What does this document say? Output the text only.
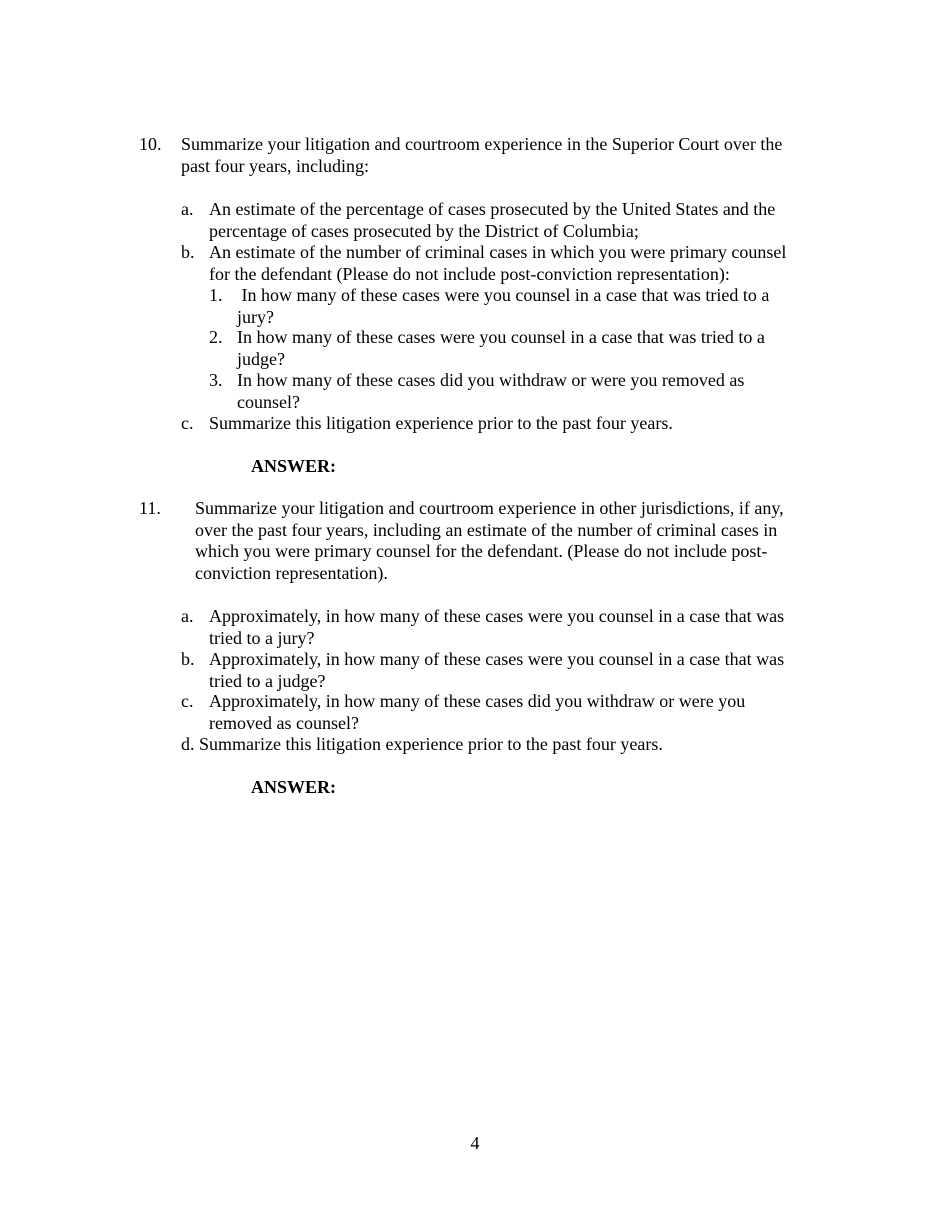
10. Summarize your litigation and courtroom experience in the Superior Court over the
past four years, including:
a. An estimate of the percentage of cases prosecuted by the United States and the
percentage of cases prosecuted by the District of Columbia;
b. An estimate of the number of criminal cases in which you were primary counsel
for the defendant (Please do not include post-conviction representation):
1. In how many of these cases were you counsel in a case that was tried to a
jury?
2. In how many of these cases were you counsel in a case that was tried to a
judge?
3. In how many of these cases did you withdraw or were you removed as
counsel?
c. Summarize this litigation experience prior to the past four years.
ANSWER:
11. Summarize your litigation and courtroom experience in other jurisdictions, if any,
over the past four years, including an estimate of the number of criminal cases in
which you were primary counsel for the defendant. (Please do not include post-
conviction representation).
a. Approximately, in how many of these cases were you counsel in a case that was
tried to a jury?
b. Approximately, in how many of these cases were you counsel in a case that was
tried to a judge?
c. Approximately, in how many of these cases did you withdraw or were you
removed as counsel?
d. Summarize this litigation experience prior to the past four years.
ANSWER:
4
